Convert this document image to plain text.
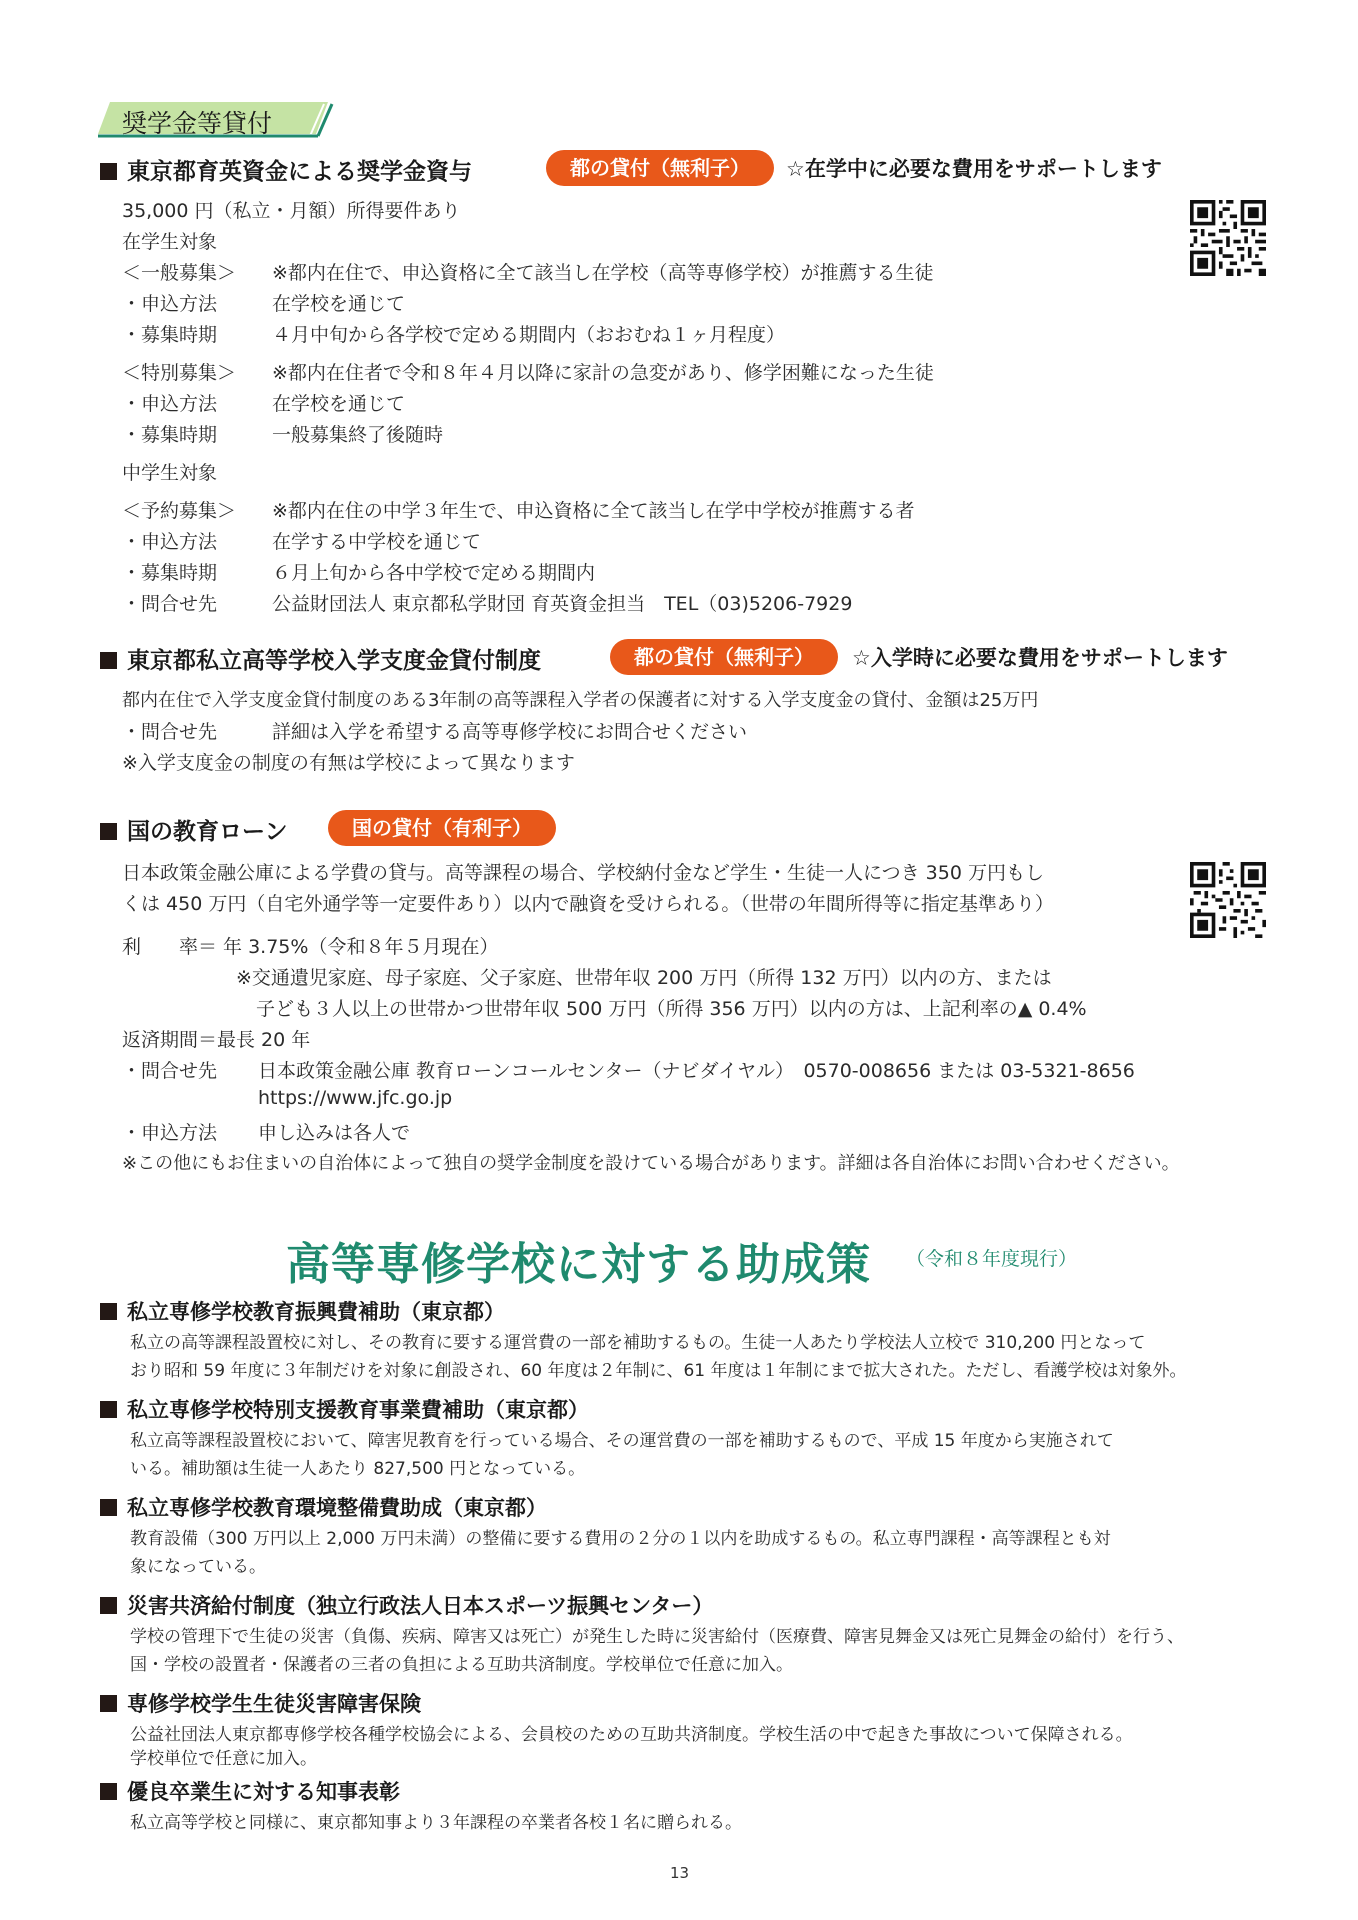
奨学金等貸付
東京都育英資金による奨学金資与	都の貸付（無利子）	☆在学中に必要な費用をサポートします
35,000 円（私立・月額）所得要件あり
在学生対象
＜一般募集＞ ※都内在住で、申込資格に全て該当し在学校（高等専修学校）が推薦する生徒
・申込方法	在学校を通じて
・募集時期	４月中旬から各学校で定める期間内（おおむね１ヶ月程度）
＜特別募集＞ ※都内在住者で令和８年４月以降に家計の急変があり、修学困難になった生徒
・申込方法	在学校を通じて
・募集時期	一般募集終了後随時
中学生対象
＜予約募集＞ ※都内在住の中学３年生で、申込資格に全て該当し在学中学校が推薦する者
・申込方法	在学する中学校を通じて
・募集時期	６月上旬から各中学校で定める期間内
・問合せ先	公益財団法人 東京都私学財団 育英資金担当　TEL（03)5206-7929
東京都私立高等学校入学支度金貸付制度	都の貸付（無利子）	☆入学時に必要な費用をサポートします
都内在住で入学支度金貸付制度のある3年制の高等課程入学者の保護者に対する入学支度金の貸付、金額は25万円
・問合せ先	詳細は入学を希望する高等専修学校にお問合せください
※入学支度金の制度の有無は学校によって異なります
国の教育ローン	国の貸付（有利子）
日本政策金融公庫による学費の貸与。高等課程の場合、学校納付金など学生・生徒一人につき 350 万円もし
くは 450 万円（自宅外通学等一定要件あり）以内で融資を受けられる。（世帯の年間所得等に指定基準あり）
利　　率＝ 年 3.75%（令和８年５月現在）
※交通遺児家庭、母子家庭、父子家庭、世帯年収 200 万円（所得 132 万円）以内の方、または
子ども３人以上の世帯かつ世帯年収 500 万円（所得 356 万円）以内の方は、上記利率の▲ 0.4%
返済期間＝最長 20 年
・問合せ先 日本政策金融公庫 教育ローンコールセンター（ナビダイヤル）　0570-008656 または 03-5321-8656
https://www.jfc.go.jp
・申込方法 申し込みは各人で
※この他にもお住まいの自治体によって独自の奨学金制度を設けている場合があります。詳細は各自治体にお問い合わせください。
高等専修学校に対する助成策 （令和８年度現行）
私立専修学校教育振興費補助（東京都）
私立の高等課程設置校に対し、その教育に要する運営費の一部を補助するもの。生徒一人あたり学校法人立校で 310,200 円となって
おり昭和 59 年度に３年制だけを対象に創設され、60 年度は２年制に、61 年度は１年制にまで拡大された。ただし、看護学校は対象外。
私立専修学校特別支援教育事業費補助（東京都）
私立高等課程設置校において、障害児教育を行っている場合、その運営費の一部を補助するもので、平成 15 年度から実施されて
いる。補助額は生徒一人あたり 827,500 円となっている。
私立専修学校教育環境整備費助成（東京都）
教育設備（300 万円以上 2,000 万円未満）の整備に要する費用の２分の１以内を助成するもの。私立専門課程・高等課程とも対
象になっている。
災害共済給付制度（独立行政法人日本スポーツ振興センター）
学校の管理下で生徒の災害（負傷、疾病、障害又は死亡）が発生した時に災害給付（医療費、障害見舞金又は死亡見舞金の給付）を行う、
国・学校の設置者・保護者の三者の負担による互助共済制度。学校単位で任意に加入。
専修学校学生生徒災害障害保険
公益社団法人東京都専修学校各種学校協会による、会員校のための互助共済制度。学校生活の中で起きた事故について保障される。
学校単位で任意に加入。
優良卒業生に対する知事表彰
私立高等学校と同様に、東京都知事より３年課程の卒業者各校１名に贈られる。
13
